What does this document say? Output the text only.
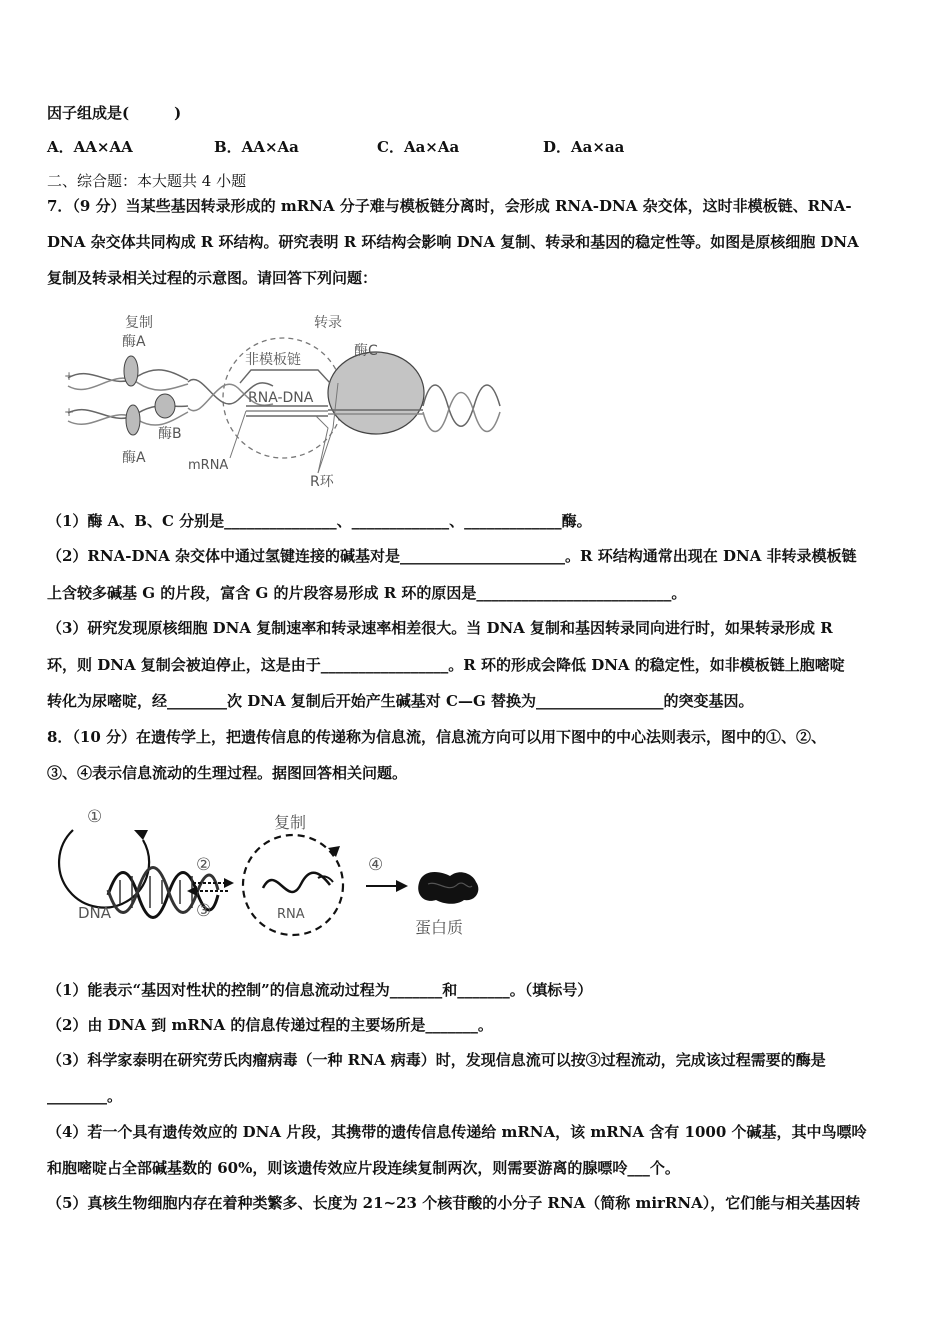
因子组成是(　　　)
A．AA×AA	B．AA×Aa	C．Aa×Aa	D．Aa×aa
二、综合题：本大题共 4 小题
7．（9 分）当某些基因转录形成的 mRNA 分子难与模板链分离时，会形成 RNA-DNA 杂交体，这时非模板链、RNA-
DNA 杂交体共同构成 R 环结构。研究表明 R 环结构会影响 DNA 复制、转录和基因的稳定性等。如图是原核细胞 DNA
复制及转录相关过程的示意图。请回答下列问题：
+
+
复制	转录
酶A
酶C
非模板链
RNA-DNA
酶B
酶A	mRNA
R环
（1）酶 A、B、C 分别是_______________、_____________、_____________酶。
（2）RNA-DNA 杂交体中通过氢键连接的碱基对是______________________。R 环结构通常出现在 DNA 非转录模板链
上含较多碱基 G 的片段，富含 G 的片段容易形成 R 环的原因是__________________________。
（3）研究发现原核细胞 DNA 复制速率和转录速率相差很大。当 DNA 复制和基因转录同向进行时，如果转录形成 R
环，则 DNA 复制会被迫停止，这是由于_________________。R 环的形成会降低 DNA 的稳定性，如非模板链上胞嘧啶
转化为尿嘧啶，经________次 DNA 复制后开始产生碱基对 C—G 替换为_________________的突变基因。
8．（10 分）在遗传学上，把遗传信息的传递称为信息流，信息流方向可以用下图中的中心法则表示，图中的①、②、
③、④表示信息流动的生理过程。据图回答相关问题。
①
DNA
②
③
复制
RNA
④
蛋白质
（1）能表示“基因对性状的控制”的信息流动过程为_______和_______。（填标号）
（2）由 DNA 到 mRNA 的信息传递过程的主要场所是_______。
（3）科学家泰明在研究劳氏肉瘤病毒（一种 RNA 病毒）时，发现信息流可以按③过程流动，完成该过程需要的酶是
________。
（4）若一个具有遗传效应的 DNA 片段，其携带的遗传信息传递给 mRNA，该 mRNA 含有 1000 个碱基，其中鸟嘌呤
和胞嘧啶占全部碱基数的 60%，则该遗传效应片段连续复制两次，则需要游离的腺嘌呤___个。
（5）真核生物细胞内存在着种类繁多、长度为 21~23 个核苷酸的小分子 RNA（简称 mirRNA），它们能与相关基因转
